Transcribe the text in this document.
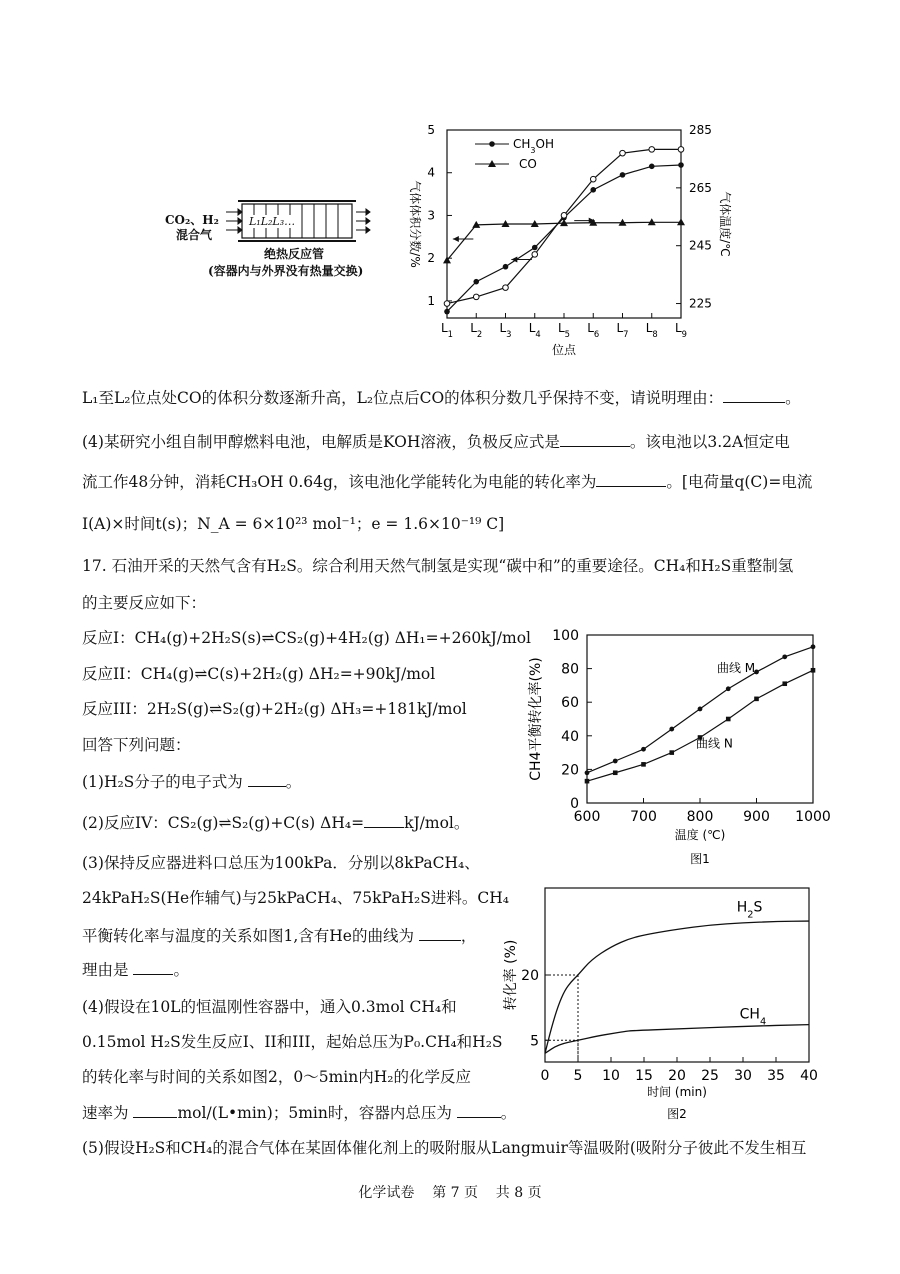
CO₂、H₂
混合气
L₁L₂L₃…
绝热反应管
(容器内与外界没有热量交换)
1
2
3
4
5
225
245
265
285
$L_1$ $L_2$ $L_3$ $L_4$ $L_5$ $L_6$ $L_7$ $L_8$ $L_9$
位点
气体体积分数/%	气体温度/℃
$CH_3OH$
CO
L₁至L₂位点处CO的体积分数逐渐升高，L₂位点后CO的体积分数几乎保持不变，请说明理由：	。
(4)某研究小组自制甲醇燃料电池，电解质是KOH溶液，负极反应式是	。该电池以3.2A恒定电
流工作48分钟，消耗CH₃OH 0.64g，该电池化学能转化为电能的转化率为	。[电荷量q(C)=电流
I(A)×时间t(s)；N_A = 6×10²³ mol⁻¹；e = 1.6×10⁻¹⁹ C]
17. 石油开采的天然气含有H₂S。综合利用天然气制氢是实现“碳中和”的重要途径。CH₄和H₂S重整制氢
的主要反应如下：
反应I：CH₄(g)+2H₂S(s)⇌CS₂(g)+4H₂(g) ΔH₁=+260kJ/mol
反应II：CH₄(g)⇌C(s)+2H₂(g) ΔH₂=+90kJ/mol
反应III：2H₂S(g)⇌S₂(g)+2H₂(g) ΔH₃=+181kJ/mol
回答下列问题：
(1)H₂S分子的电子式为	。
(2)反应IV：CS₂(g)⇌S₂(g)+C(s) ΔH₄=	kJ/mol。
(3)保持反应器进料口总压为100kPa．分别以8kPaCH₄、
24kPaH₂S(He作辅气)与25kPaCH₄、75kPaH₂S进料。CH₄
平衡转化率与温度的关系如图1,含有He的曲线为	，
理由是	。
(4)假设在10L的恒温刚性容器中，通入0.3mol CH₄和
0.15mol H₂S发生反应I、II和III，起始总压为P₀.CH₄和H₂S
的转化率与时间的关系如图2，0～5min内H₂的化学反应
速率为	mol/(L•min)；5min时，容器内总压为	。
(5)假设H₂S和CH₄的混合气体在某固体催化剂上的吸附服从Langmuir等温吸附(吸附分子彼此不发生相互
化学试卷    第 7 页    共 8 页
0
20
40
60
80
100
600 700 800 900 1000
温度 (℃)
CH4平衡转化率(%)
图1
曲线 M
曲线 N
0 5 10 15 20 25 30 35 40
5
20
时间 (min)
转化率 (%)
图2
$H_2S$
$CH_4$
